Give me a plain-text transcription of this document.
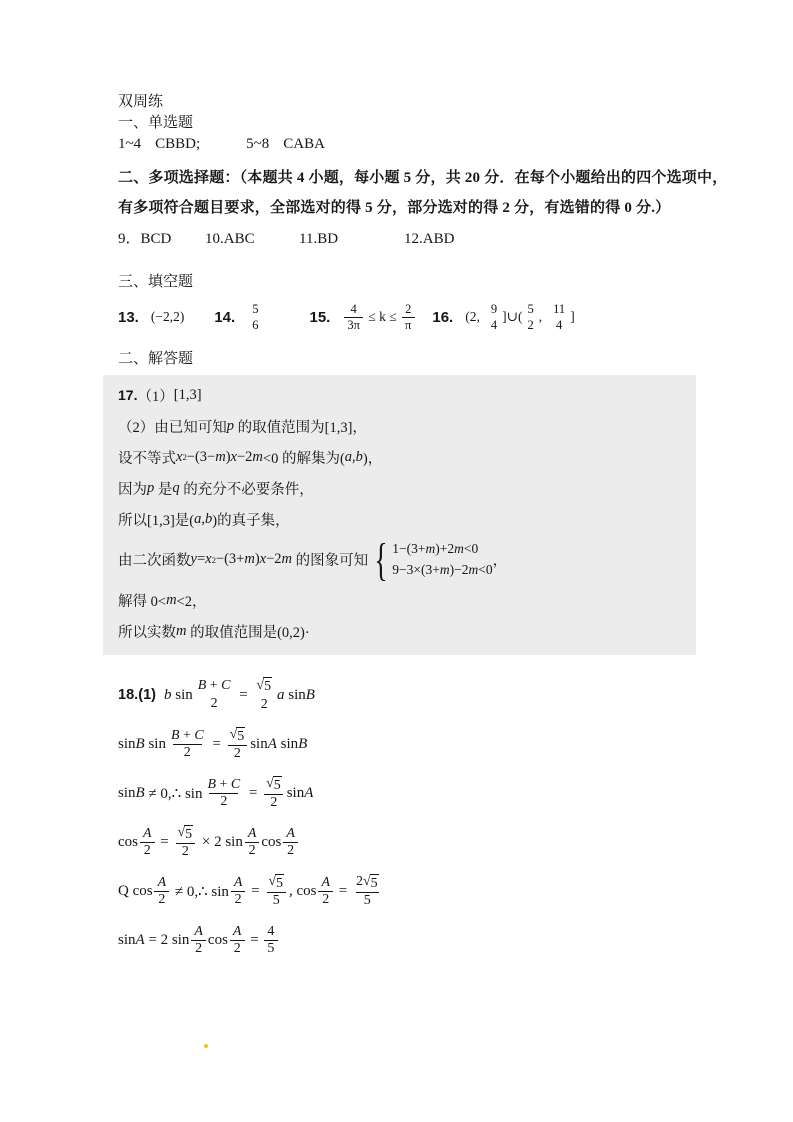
双周练
一、单选题
1~4 CBBD;	5~8 CABA
二、多项选择题：（本题共 4 小题，每小题 5 分，共 20 分．在每个小题给出的四个选项中，
有多项符合题目要求，全部选对的得 5 分，部分选对的得 2 分，有选错的得 0 分.）
9．BCD	10.ABC	11.BD	12.ABD
三、填空题
13. (−2,2) 14. 5
6	15. $\frac{4}{3\pi} \le k \le \frac{2}{\pi} 16$. (2,
9
4
]∪(
5
2
,
11
4
]
二、解答题
17. （1） [1,3]
（2）由已知可知 p 的取值范围为[1,3]，
设不等式 x 2 −(3− m ) x −2 m <0 的解集为( a , b )，
因为 p 是 q 的充分不必要条件，
所以[1,3]是( a , b )的真子集，
由二次函数 y = x 2 −(3+ m ) x −2 m 的图象可知 { 1−(3+m)+2m<0
9−3×(3+m)−2m<0
，
解得 0< m <2，
所以实数 m 的取值范围是(0,2)·
18.(1) b sin
B + C
2
=
√ 5
2
a sin B
sin B $\sin \frac{B + C}{2} = \frac{√ 5}{2}$ sin A sin B
sin B ≠ 0,∴ $\sin \frac{B + C}{2} = \frac{√ 5}{2}$ sin A
$\cos \frac{A}{2} = \frac{√ 5}{2} \times 2$ $\sin \frac{A}{2}$ $\cos \frac{A}{2}$
Q $\cos \frac{A}{2}$ ≠ 0,∴ $\sin \frac{A}{2} = \frac{√ 5}{5}$ , $\cos \frac{A}{2} = \frac{2 √ 5}{5}$
sin A = 2 $\sin \frac{A}{2}$ $\cos \frac{A}{2} = \frac{4}{5}$
